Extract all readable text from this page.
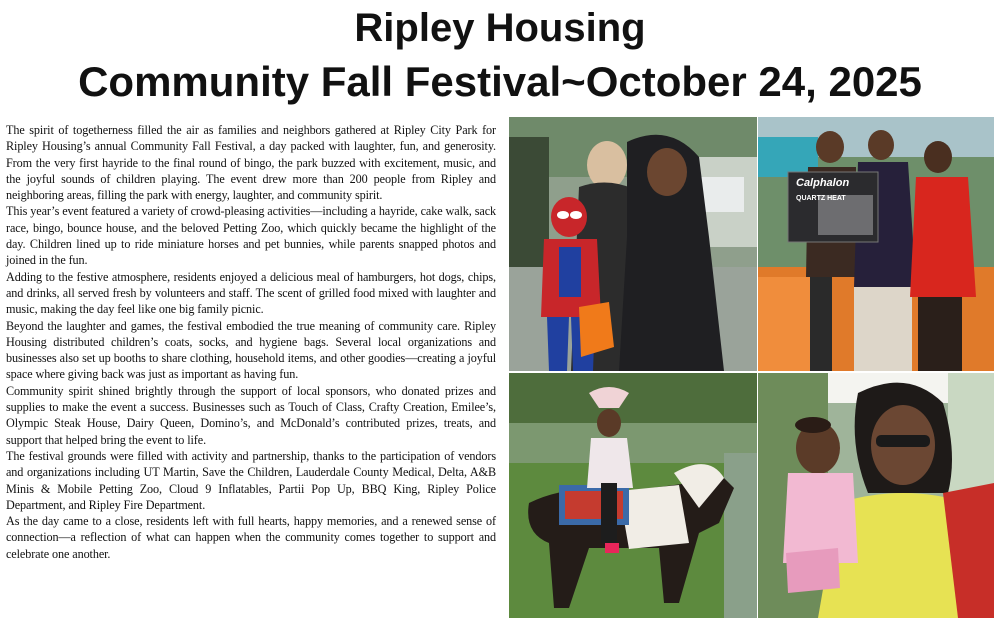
Ripley Housing
Community Fall Festival~October 24, 2025

The spirit of togetherness filled the air as families and neighbors gathered at Ripley City Park for Ripley Housing’s annual Community Fall Festival, a day packed with laughter, fun, and generosity. From the very first hayride to the final round of bingo, the park buzzed with excitement, music, and the joyful sounds of children playing. The event drew more than 200 people from Ripley and neighboring areas, filling the park with energy, laughter, and community spirit.

This year’s event featured a variety of crowd-pleasing activities—including a hayride, cake walk, sack race, bingo, bounce house, and the beloved Petting Zoo, which quickly became the highlight of the day. Children lined up to ride miniature horses and pet bunnies, while parents snapped photos and joined in the fun.

Adding to the festive atmosphere, residents enjoyed a delicious meal of hamburgers, hot dogs, chips, and drinks, all served fresh by volunteers and staff. The scent of grilled food mixed with laughter and music, making the day feel like one big family picnic.

Beyond the laughter and games, the festival embodied the true meaning of community care. Ripley Housing distributed children’s coats, socks, and hygiene bags. Several local organizations and businesses also set up booths to share clothing, household items, and other goodies—creating a joyful space where giving back was just as important as having fun.

Community spirit shined brightly through the support of local sponsors, who donated prizes and supplies to make the event a success. Businesses such as Touch of Class, Crafty Creation, Emilee’s, Olympic Steak House, Dairy Queen, Domino’s, and McDonald’s contributed prizes, treats, and support that helped bring the event to life.

The festival grounds were filled with activity and partnership, thanks to the participation of vendors and organizations including UT Martin, Save the Children, Lauderdale County Medical, Delta, A&B Minis & Mobile Petting Zoo, Cloud 9 Inflatables, Partii Pop Up, BBQ King, Ripley Police Department, and Ripley Fire Department.

As the day came to a close, residents left with full hearts, happy memories, and a renewed sense of connection—a reflection of what can happen when the community comes together to support and celebrate one another.

Calphalon
QUARTZ HEAT
